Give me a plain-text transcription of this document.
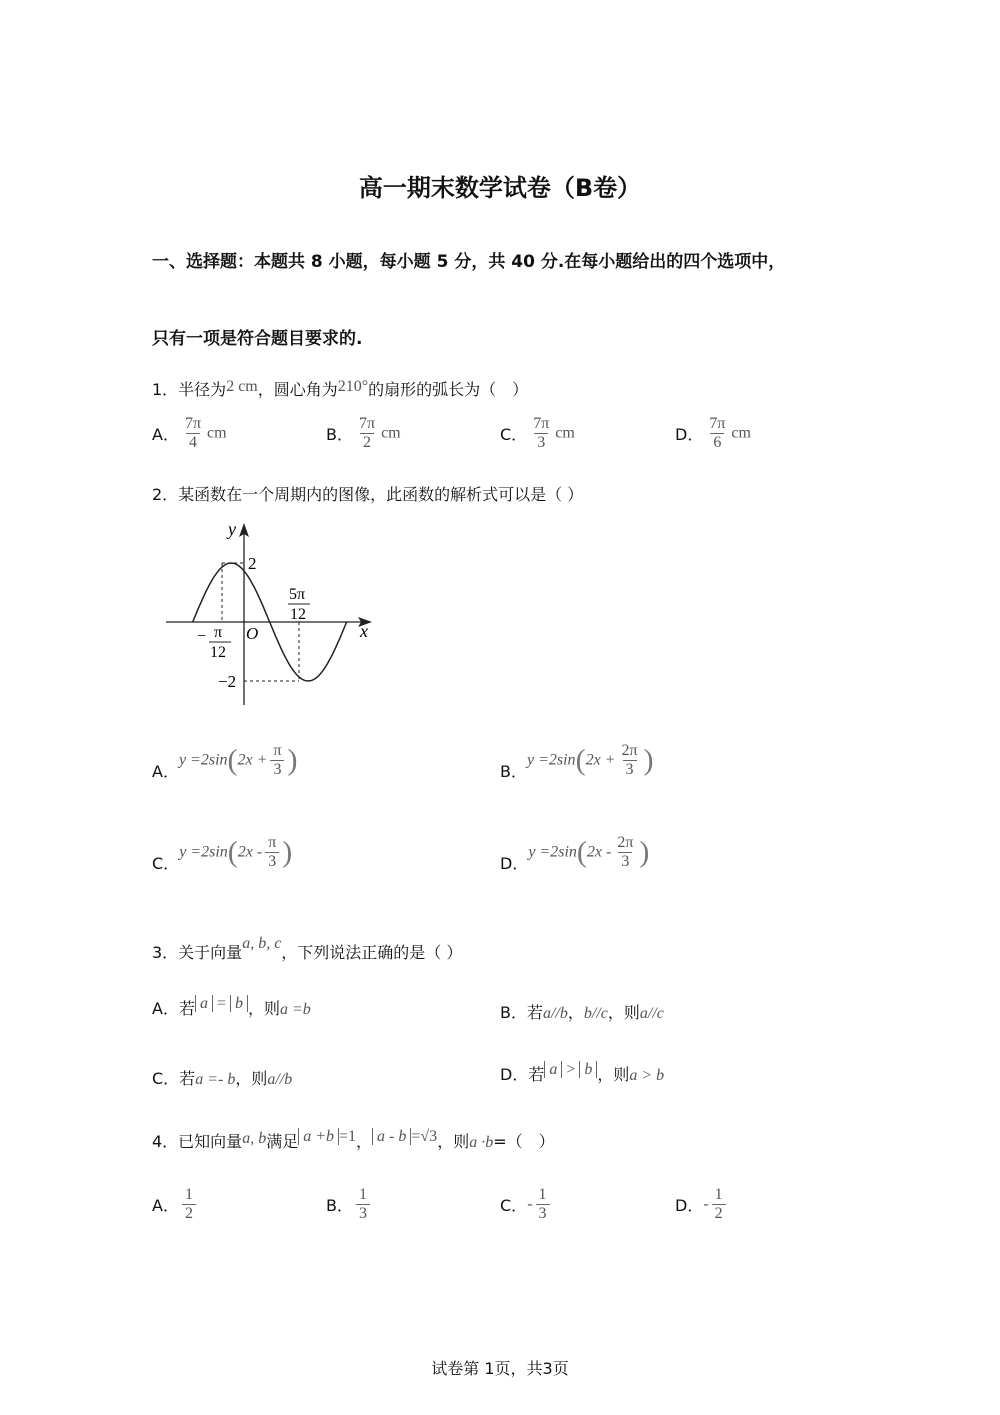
高一期末数学试卷（B卷）
一、选择题：本题共 8 小题，每小题 5 分，共 40 分.在每小题给出的四个选项中，
只有一项是符合题目要求的.
1．半径为2 cm，圆心角为210°的扇形的弧长为（　）
A． $\frac{7\pi}{4}$ cm	B． $\frac{7\pi}{2}$ cm	C． $\frac{7\pi}{3}$ cm	D． $\frac{7\pi}{6}$ cm
2．某函数在一个周期内的图像，此函数的解析式可以是（ ）
y
x
O
2
−2
− π
12
5π
12
A．$y =2\sin(2x + \frac{\pi}{3}$ )	B．$y =2\sin(2x + \frac{2\pi}{3}$ )
C．$y =2\sin(2x - \frac{\pi}{3}$ )	D．$y =2\sin(2x - \frac{2\pi}{3}$ )
3．关于向量a, b, c，下列说法正确的是（ ）
A．若 a = b ，则a =b	B．若a//b，b//c，则a//c
C．若a =- b，则a//b	D．若 a > b ，则a > b
4．已知向量a, b满足 a +b =1， a - b =√3，则a ·b=（　）
A． $\frac{1}{2}$	B． $\frac{1}{3}$	C．- $\frac{1}{3}$	D．- $\frac{1}{2}$
试卷第 1页，共3页
